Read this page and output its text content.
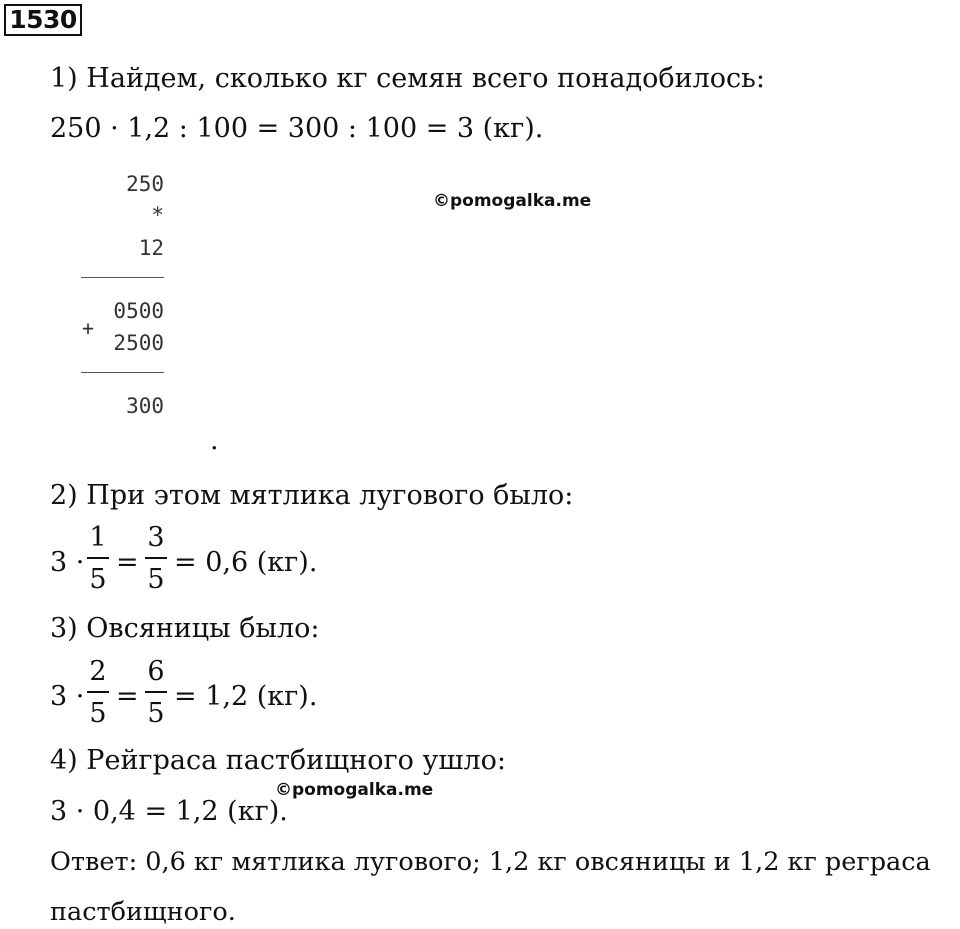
1530
1) Найдем, сколько кг семян всего понадобилось:
250 · 1,2 : 100 = 300 : 100 = 3 (кг).
250
*
12
0500
+
2500
300
.
©pomogalka.me
2) При этом мятлика лугового было:
3 ·
1
5
=
3
5
= 0,6 (кг).
3) Овсяницы было:
3 ·
2
5
=
6
5
= 1,2 (кг).
4) Рейграса пастбищного ушло:
3 · 0,4 = 1,2 (кг).
©pomogalka.me
Ответ: 0,6 кг мятлика лугового; 1,2 кг овсяницы и 1,2 кг реграса
пастбищного.
